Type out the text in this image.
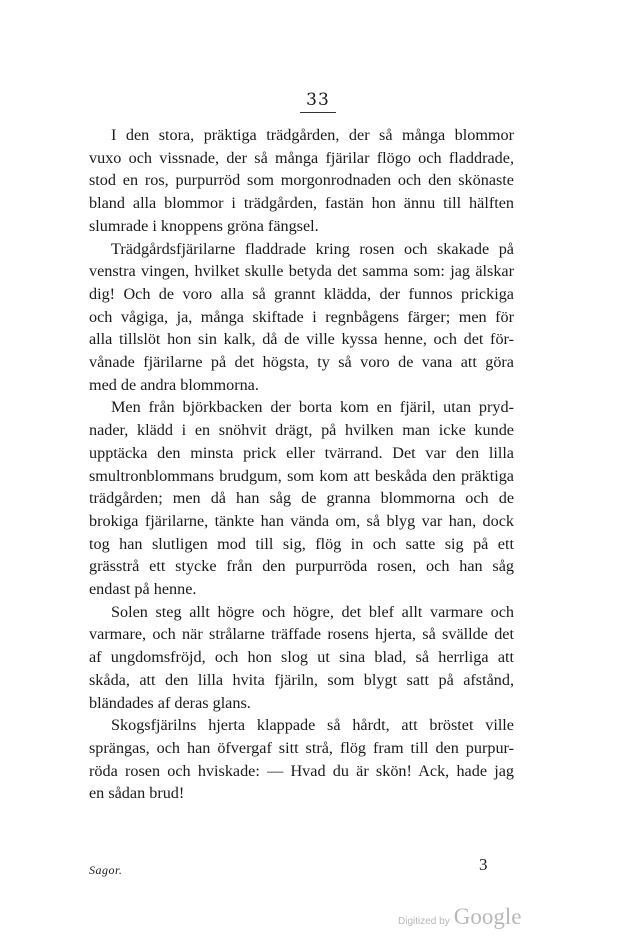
33
I den stora, präktiga trädgården, der så många blommor
vuxo och vissnade, der så många fjärilar flögo och fladdrade,
stod en ros, purpurröd som morgonrodnaden och den skönaste
bland alla blommor i trädgården, fastän hon ännu till hälften
slumrade i knoppens gröna fängsel.
Trädgårdsfjärilarne fladdrade kring rosen och skakade på
venstra vingen, hvilket skulle betyda det samma som: jag älskar
dig! Och de voro alla så grannt klädda, der funnos prickiga
och vågiga, ja, många skiftade i regnbågens färger; men för
alla tillslöt hon sin kalk, då de ville kyssa henne, och det för-
vånade fjärilarne på det högsta, ty så voro de vana att göra
med de andra blommorna.
Men från björkbacken der borta kom en fjäril, utan pryd-
nader, klädd i en snöhvit drägt, på hvilken man icke kunde
upptäcka den minsta prick eller tvärrand. Det var den lilla
smultronblommans brudgum, som kom att beskåda den präktiga
trädgården; men då han såg de granna blommorna och de
brokiga fjärilarne, tänkte han vända om, så blyg var han, dock
tog han slutligen mod till sig, flög in och satte sig på ett
grässtrå ett stycke från den purpurröda rosen, och han såg
endast på henne.
Solen steg allt högre och högre, det blef allt varmare och
varmare, och när strålarne träffade rosens hjerta, så svällde det
af ungdomsfröjd, och hon slog ut sina blad, så herrliga att
skåda, att den lilla hvita fjäriln, som blygt satt på afstånd,
bländades af deras glans.
Skogsfjärilns hjerta klappade så hårdt, att bröstet ville
sprängas, och han öfvergaf sitt strå, flög fram till den purpur-
röda rosen och hviskade: — Hvad du är skön! Ack, hade jag
en sådan brud!
Sagor.	3
Digitized by Google
